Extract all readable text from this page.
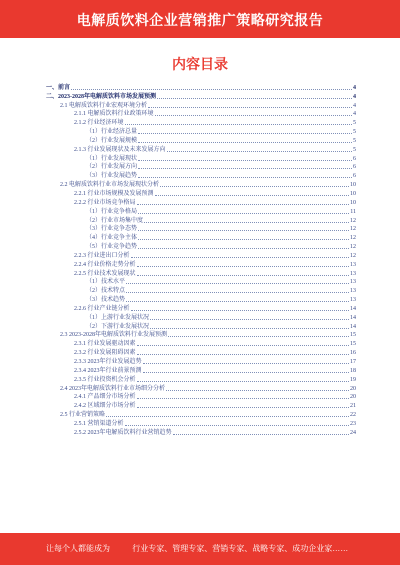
电解质饮料企业营销推广策略研究报告
内容目录
一、前言	4
二、2023-2028年电解质饮料市场发展预测	4
2.1 电解质饮料行业宏观环境分析	4
2.1.1 电解质饮料行业政策环境	4
2.1.2 行业经济环境	5
（1）行业经济总量	5
（2）行业发展规模	5
2.1.3 行业发展现状及未来发展方向	5
（1）行业发展现状	6
（2）行业发展方向	6
（3）行业发展趋势	6
2.2 电解质饮料行业市场发展现状分析	10
2.2.1 行业市场规模及发展预测	10
2.2.2 行业市场竞争格局	10
（1）行业竞争格局	11
（2）行业市场集中度	12
（3）行业竞争态势	12
（4）行业竞争主体	12
（5）行业竞争趋势	12
2.2.3 行业进出口分析	12
2.2.4 行业价格走势分析	13
2.2.5 行业技术发展现状	13
（1）技术水平	13
（2）技术特点	13
（3）技术趋势	13
2.2.6 行业产业链分析	14
（1）上游行业发展状况	14
（2）下游行业发展状况	14
2.3 2023-2028年电解质饮料行业发展预测	15
2.3.1 行业发展驱动因素	15
2.3.2 行业发展阻碍因素	16
2.3.3 2023年行业发展趋势	17
2.3.4 2023年行业前景预测	18
2.3.5 行业投资机会分析	19
2.4 2023年电解质饮料行业市场细分分析	20
2.4.1 产品细分市场分析	20
2.4.2 区域细分市场分析	21
2.5 行业营销策略	22
2.5.1 营销渠道分析	23
2.5.2 2023年电解质饮料行业营销趋势	24
让每个人都能成为	行业专家、管理专家、营销专家、战略专家、成功企业家……
